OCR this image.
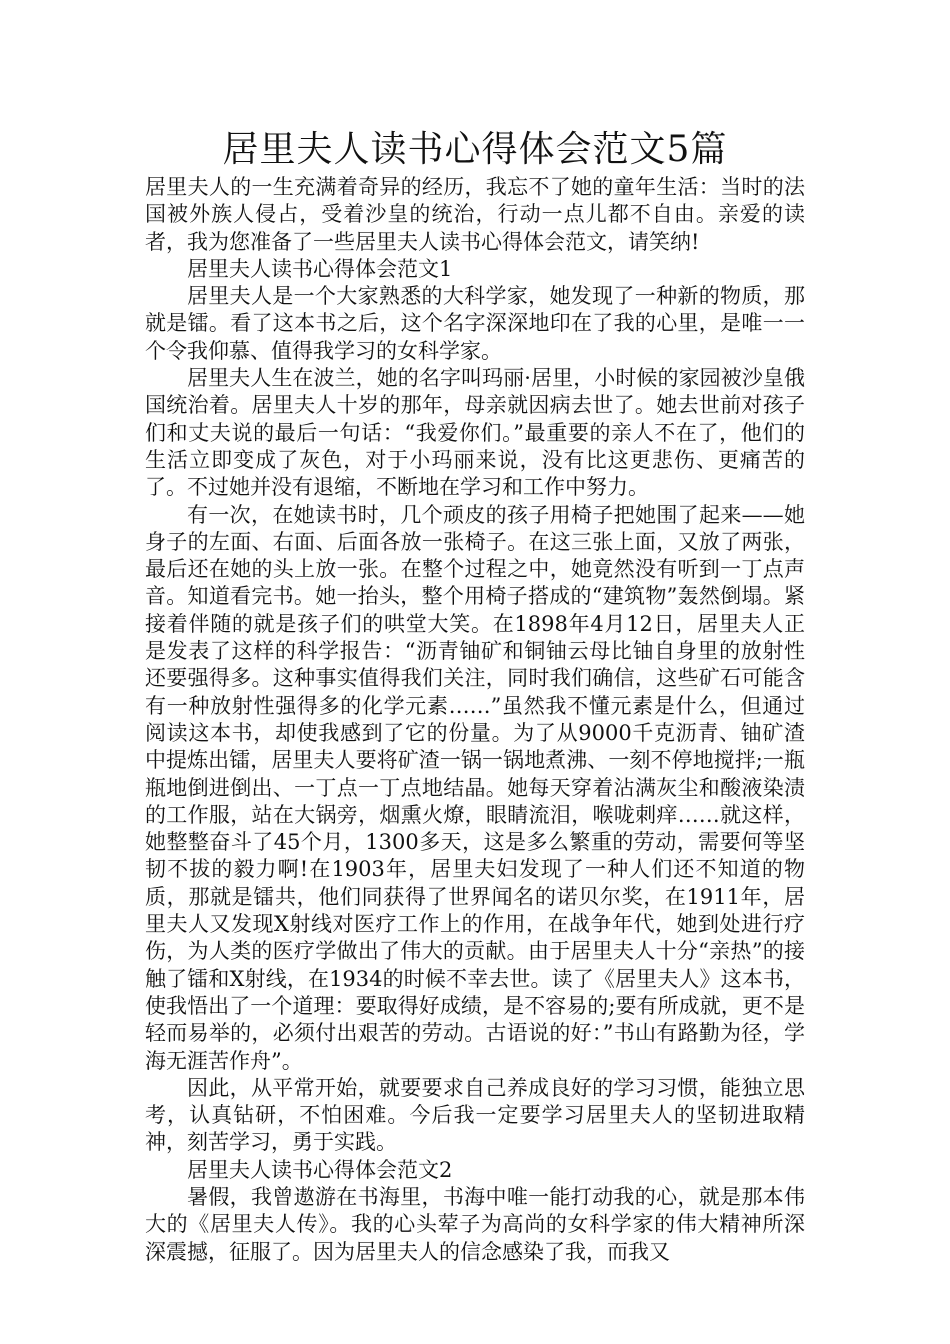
居里夫人读书心得体会范文5篇

居里夫人的一生充满着奇异的经历，我忘不了她的童年生活：当时的法国被外族人侵占，受着沙皇的统治，行动一点儿都不自由。亲爱的读者，我为您准备了一些居里夫人读书心得体会范文，请笑纳!

居里夫人读书心得体会范文1

居里夫人是一个大家熟悉的大科学家，她发现了一种新的物质，那就是镭。看了这本书之后，这个名字深深地印在了我的心里，是唯一一个令我仰慕、值得我学习的女科学家。

居里夫人生在波兰，她的名字叫玛丽·居里，小时候的家园被沙皇俄国统治着。居里夫人十岁的那年，母亲就因病去世了。她去世前对孩子们和丈夫说的最后一句话：“我爱你们。”最重要的亲人不在了，他们的生活立即变成了灰色，对于小玛丽来说，没有比这更悲伤、更痛苦的了。不过她并没有退缩，不断地在学习和工作中努力。

有一次，在她读书时，几个顽皮的孩子用椅子把她围了起来——她身子的左面、右面、后面各放一张椅子。在这三张上面，又放了两张，最后还在她的头上放一张。在整个过程之中，她竟然没有听到一丁点声音。知道看完书。她一抬头，整个用椅子搭成的“建筑物”轰然倒塌。紧接着伴随的就是孩子们的哄堂大笑。在1898年4月12日，居里夫人正是发表了这样的科学报告：“沥青铀矿和铜铀云母比铀自身里的放射性还要强得多。这种事实值得我们关注，同时我们确信，这些矿石可能含有一种放射性强得多的化学元素……”虽然我不懂元素是什么，但通过阅读这本书，却使我感到了它的份量。为了从9000千克沥青、铀矿渣中提炼出镭，居里夫人要将矿渣一锅一锅地煮沸、一刻不停地搅拌;一瓶瓶地倒进倒出、一丁点一丁点地结晶。她每天穿着沾满灰尘和酸液染渍的工作服，站在大锅旁，烟熏火燎，眼睛流泪，喉咙刺痒……就这样，她整整奋斗了45个月，1300多天，这是多么繁重的劳动，需要何等坚韧不拔的毅力啊!在1903年，居里夫妇发现了一种人们还不知道的物质，那就是镭共，他们同获得了世界闻名的诺贝尔奖，在1911年，居里夫人又发现X射线对医疗工作上的作用，在战争年代，她到处进行疗伤，为人类的医疗学做出了伟大的贡献。由于居里夫人十分“亲热”的接触了镭和X射线，在1934的时候不幸去世。读了《居里夫人》这本书，使我悟出了一个道理：要取得好成绩，是不容易的;要有所成就，更不是轻而易举的，必须付出艰苦的劳动。古语说的好：”书山有路勤为径，学海无涯苦作舟”。

因此，从平常开始，就要要求自己养成良好的学习习惯，能独立思考，认真钻研，不怕困难。今后我一定要学习居里夫人的坚韧进取精神，刻苦学习，勇于实践。

居里夫人读书心得体会范文2

暑假，我曾遨游在书海里，书海中唯一能打动我的心，就是那本伟大的《居里夫人传》。我的心头荤子为高尚的女科学家的伟大精神所深深震撼，征服了。因为居里夫人的信念感染了我，而我又
